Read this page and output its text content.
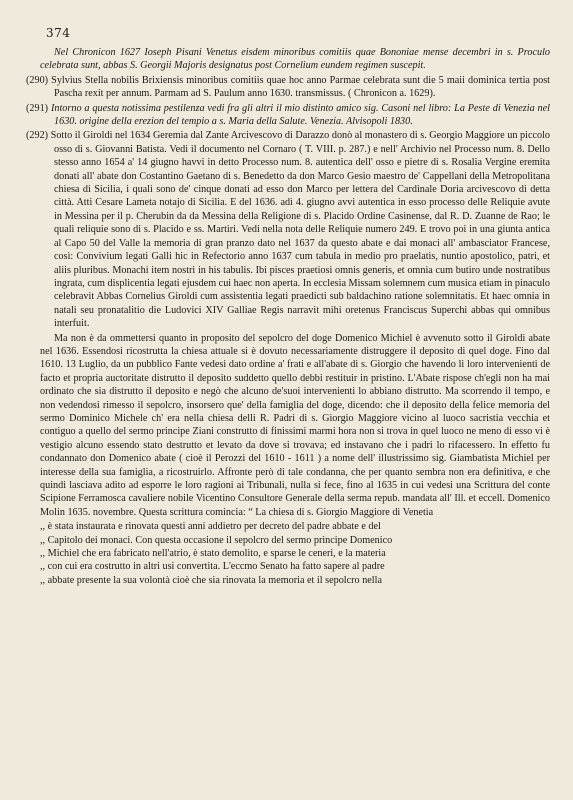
374

Nel Chronicon 1627 Ioseph Pisani Venetus eisdem minoribus comitiis quae Bononiae mense decembri in s. Proculo celebrata sunt, abbas S. Georgii Majoris designatus post Cornelium eundem regimen suscepit.

(290) Sylvius Stella nobilis Brixiensis minoribus comitiis quae hoc anno Parmae celebrata sunt die 5 maii dominica tertia post Pascha rexit per annum. Parmam ad S. Paulum anno 1630. transmissus. ( Chronicon a. 1629).

(291) Intorno a questa notissima pestilenza vedi fra gli altri il mio distinto amico sig. Casoni nel libro: La Peste di Venezia nel 1630. origine della erezion del tempio a s. Maria della Salute. Venezia. Alvisopoli 1830.

(292) Sotto il Giroldi nel 1634 Geremia dal Zante Arcivescovo di Darazzo donò al monastero di s. Georgio Maggiore un piccolo osso di s. Giovanni Batista. Vedi il documento nel Cornaro ( T. VIII. p. 287.) e nell' Archivio nel Processo num. 8. Dello stesso anno 1654 a' 14 giugno havvi in detto Processo num. 8. autentica dell' osso e pietre di s. Rosalia Vergine eremita donati all' abate don Costantino Gaetano di s. Benedetto da don Marco Gesio maestro de' Cappellani della Metropolitana chiesa di Sicilia, i quali sono de' cinque donati ad esso don Marco per lettera del Cardinale Doria arcivescovo di detta città. Atti Cesare Lameta notajo di Sicilia. E del 1636. adì 4. giugno avvi autentica in esso processo delle Reliquie avute in Messina per il p. Cherubin da da Messina della Religione di s. Placido Ordine Casinense, dal R. D. Zuanne de Rao; le quali reliquie sono di s. Placido e ss. Martiri. Vedi nella nota delle Reliquie numero 249. E trovo poi in una giunta antica al Capo 50 del Valle la memoria di gran pranzo dato nel 1637 da questo abate e dai monaci all' ambasciator Francese, così: Convivium legati Galli hic in Refectorio anno 1637 cum tabula in medio pro praelatis, nuntio apostolico, patri, et aliis pluribus. Monachi item nostri in his tabulis. Ibi pisces praetiosi omnis generis, et omnia cum butiro unde nostratibus ingrata, cum displicentia legati ejusdem cui haec non aperta. In ecclesia Missam solemnem cum musica etiam in pinaculo celebravit Abbas Cornelius Giroldi cum assistentia legati praedicti sub baldachino ratione solemnitatis. Et haec omnia in natali seu pronatalitio die Ludovici XIV Galliae Regis narravit mihi oretenus Franciscus Superchi abbas qui omnibus interfuit.

Ma non è da ommettersi quanto in proposito del sepolcro del doge Domenico Michiel è avvenuto sotto il Giroldi abate nel 1636. Essendosi ricostrutta la chiesa attuale si è dovuto necessariamente distruggere il deposito di quel doge. Fino dal 1610. 13 Luglio, da un pubblico Fante vedesi dato ordine a' frati e all'abate di s. Giorgio che havendo li loro intervenienti de facto et propria auctoritate distrutto il deposito suddetto quello debbi restituir in pristino. L'Abate rispose ch'egli non ha mai ordinato che sia distrutto il deposito e negò che alcuno de'suoi intervenienti lo abbiano distrutto. Ma scorrendo il tempo, e non vedendosi rimesso il sepolcro, insorsero que' della famiglia del doge, dicendo: che il deposito della felice memoria del sermo Dominico Michele ch' era nella chiesa delli R. Padri di s. Giorgio Maggiore vicino al luoco sacristia vecchia et contiguo a quello del sermo principe Ziani construtto di finissimi marmi hora non si trova in quel luoco ne meno di esso vi è vestigio alcuno essendo stato destrutto et levato da dove si trovava; ed instavano che i padri lo rifacessero. In effetto fu condannato don Domenico abate ( cioè il Perozzi del 1610 - 1611 ) a nome dell' illustrissimo sig. Giambatista Michiel per interesse della sua famiglia, a ricostruirlo. Affronte però di tale condanna, che per quanto sembra non era definitiva, e che quindi lasciava adito ad esporre le loro ragioni ai Tribunali, nulla si fece, fino al 1635 in cui vedesi una Scrittura del conte Scipione Ferramosca cavaliere nobile Vicentino Consultore Generale della serma repub. mandata all' Ill. et eccell. Domenico Molin 1635. novembre. Questa scrittura comincia: “ La chiesa di s. Giorgio Maggiore di Venetia

,, è stata instaurata e rinovata questi anni addietro per decreto del padre abbate e del

,, Capitolo dei monaci. Con questa occasione il sepolcro del sermo principe Domenico

,, Michiel che era fabricato nell'atrio, è stato demolito, e sparse le ceneri, e la materia

,, con cui era costrutto in altri usi convertita. L'eccmo Senato ha fatto sapere al padre

,, abbate presente la sua volontà cioè che sia rinovata la memoria et il sepolcro nella
